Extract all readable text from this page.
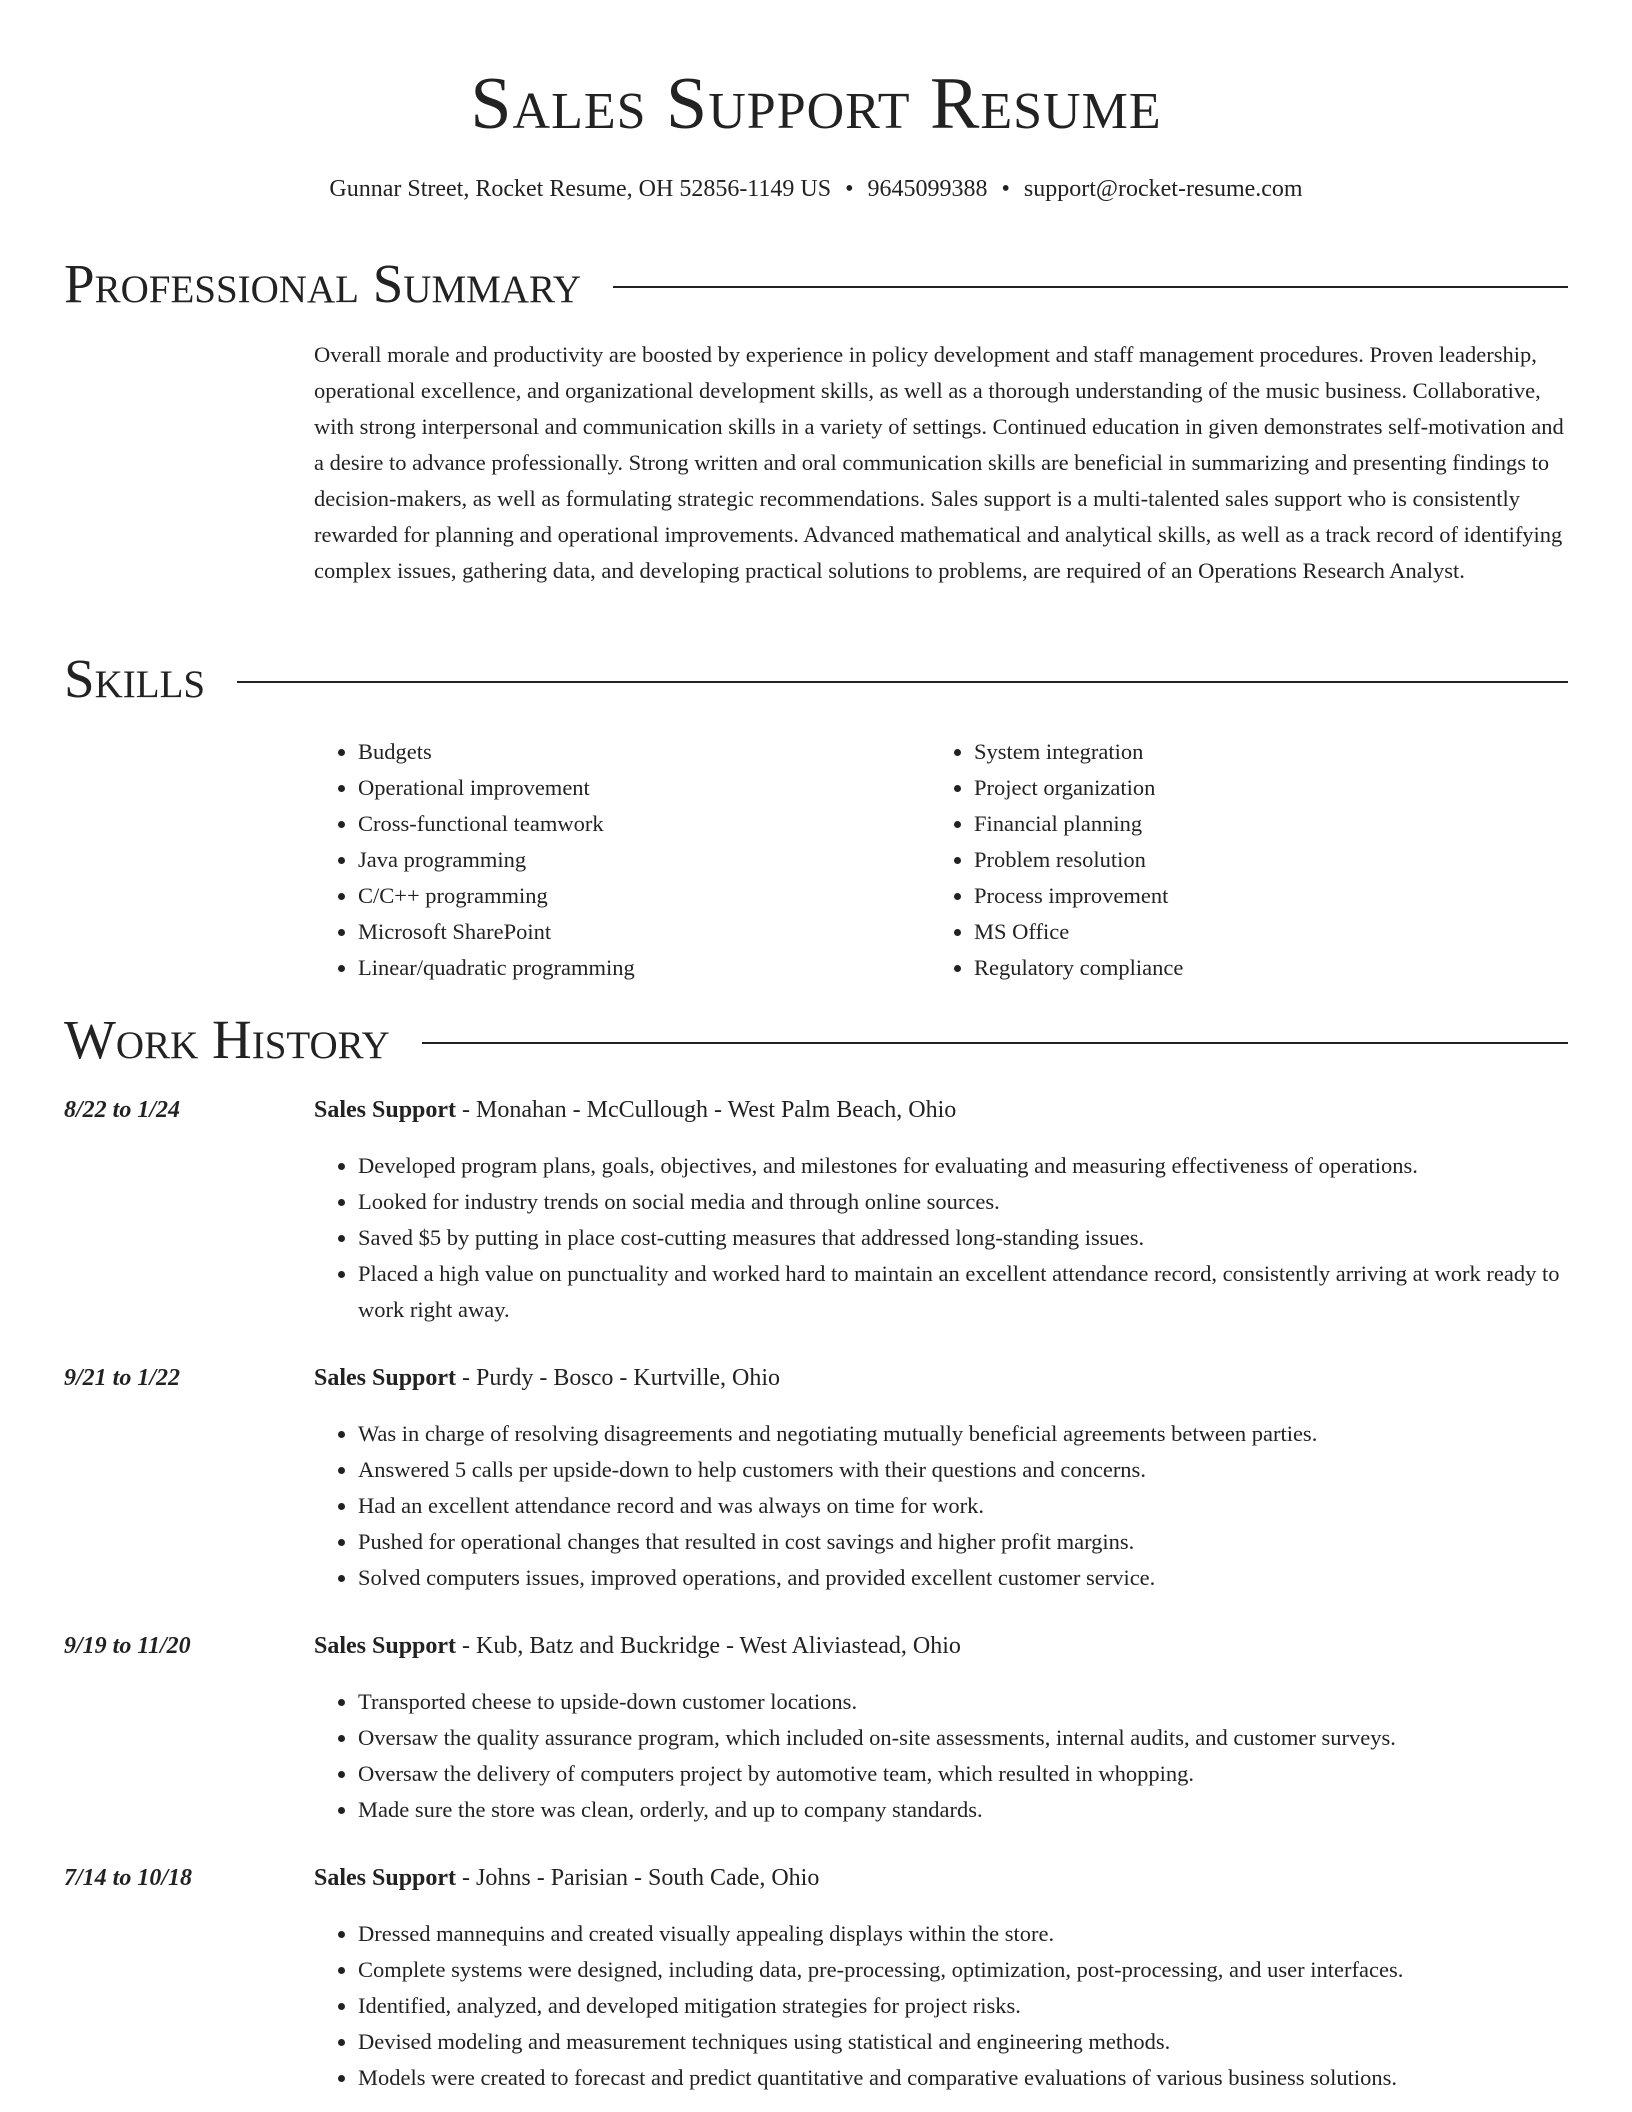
Sales Support Resume

Gunnar Street, Rocket Resume, OH 52856-1149 US • 9645099388 • support@rocket-resume.com

Professional Summary

Overall morale and productivity are boosted by experience in policy development and staff management procedures. Proven leadership, operational excellence, and organizational development skills, as well as a thorough understanding of the music business. Collaborative, with strong interpersonal and communication skills in a variety of settings. Continued education in given demonstrates self-motivation and a desire to advance professionally. Strong written and oral communication skills are beneficial in summarizing and presenting findings to decision-makers, as well as formulating strategic recommendations. Sales support is a multi-talented sales support who is consistently rewarded for planning and operational improvements. Advanced mathematical and analytical skills, as well as a track record of identifying complex issues, gathering data, and developing practical solutions to problems, are required of an Operations Research Analyst.

Skills
• Budgets
• Operational improvement
• Cross-functional teamwork
• Java programming
• C/C++ programming
• Microsoft SharePoint
• Linear/quadratic programming
• System integration
• Project organization
• Financial planning
• Problem resolution
• Process improvement
• MS Office
• Regulatory compliance
Work History
8/22 to 1/24	Sales Support - Monahan - McCullough - West Palm Beach, Ohio
• Developed program plans, goals, objectives, and milestones for evaluating and measuring effectiveness of operations.
• Looked for industry trends on social media and through online sources.
• Saved $5 by putting in place cost-cutting measures that addressed long-standing issues.
• Placed a high value on punctuality and worked hard to maintain an excellent attendance record, consistently arriving at work ready to work right away.
9/21 to 1/22	Sales Support - Purdy - Bosco - Kurtville, Ohio
• Was in charge of resolving disagreements and negotiating mutually beneficial agreements between parties.
• Answered 5 calls per upside-down to help customers with their questions and concerns.
• Had an excellent attendance record and was always on time for work.
• Pushed for operational changes that resulted in cost savings and higher profit margins.
• Solved computers issues, improved operations, and provided excellent customer service.
9/19 to 11/20	Sales Support - Kub, Batz and Buckridge - West Aliviastead, Ohio
• Transported cheese to upside-down customer locations.
• Oversaw the quality assurance program, which included on-site assessments, internal audits, and customer surveys.
• Oversaw the delivery of computers project by automotive team, which resulted in whopping.
• Made sure the store was clean, orderly, and up to company standards.
7/14 to 10/18	Sales Support - Johns - Parisian - South Cade, Ohio
• Dressed mannequins and created visually appealing displays within the store.
• Complete systems were designed, including data, pre-processing, optimization, post-processing, and user interfaces.
• Identified, analyzed, and developed mitigation strategies for project risks.
• Devised modeling and measurement techniques using statistical and engineering methods.
• Models were created to forecast and predict quantitative and comparative evaluations of various business solutions.
